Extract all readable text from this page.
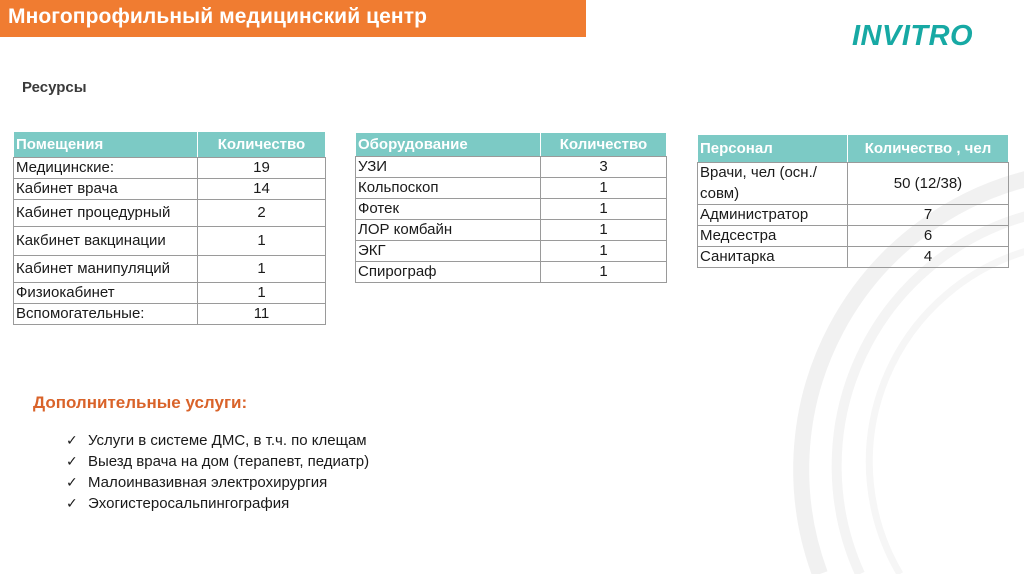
Многопрофильный медицинский центр
INVITRO
Ресурсы
Помещения	Количество
Медицинские:	19
Кабинет врача	14
Кабинет процедурный	2
Какбинет вакцинации	1
Кабинет манипуляций	1
Физиокабинет	1
Вспомогательные:	11
Оборудование	Количество
УЗИ	3
Кольпоскоп	1
Фотек	1
ЛОР комбайн	1
ЭКГ	1
Спирограф	1
Персонал	Количество , чел
Врачи, чел (осн./совм)	50 (12/38)
Администратор	7
Медсестра	6
Санитарка	4
Дополнительные услуги:
✓ Услуги в системе ДМС, в т.ч. по клещам
✓ Выезд врача на дом (терапевт, педиатр)
✓ Малоинвазивная электрохирургия
✓ Эхогистеросальпингография
